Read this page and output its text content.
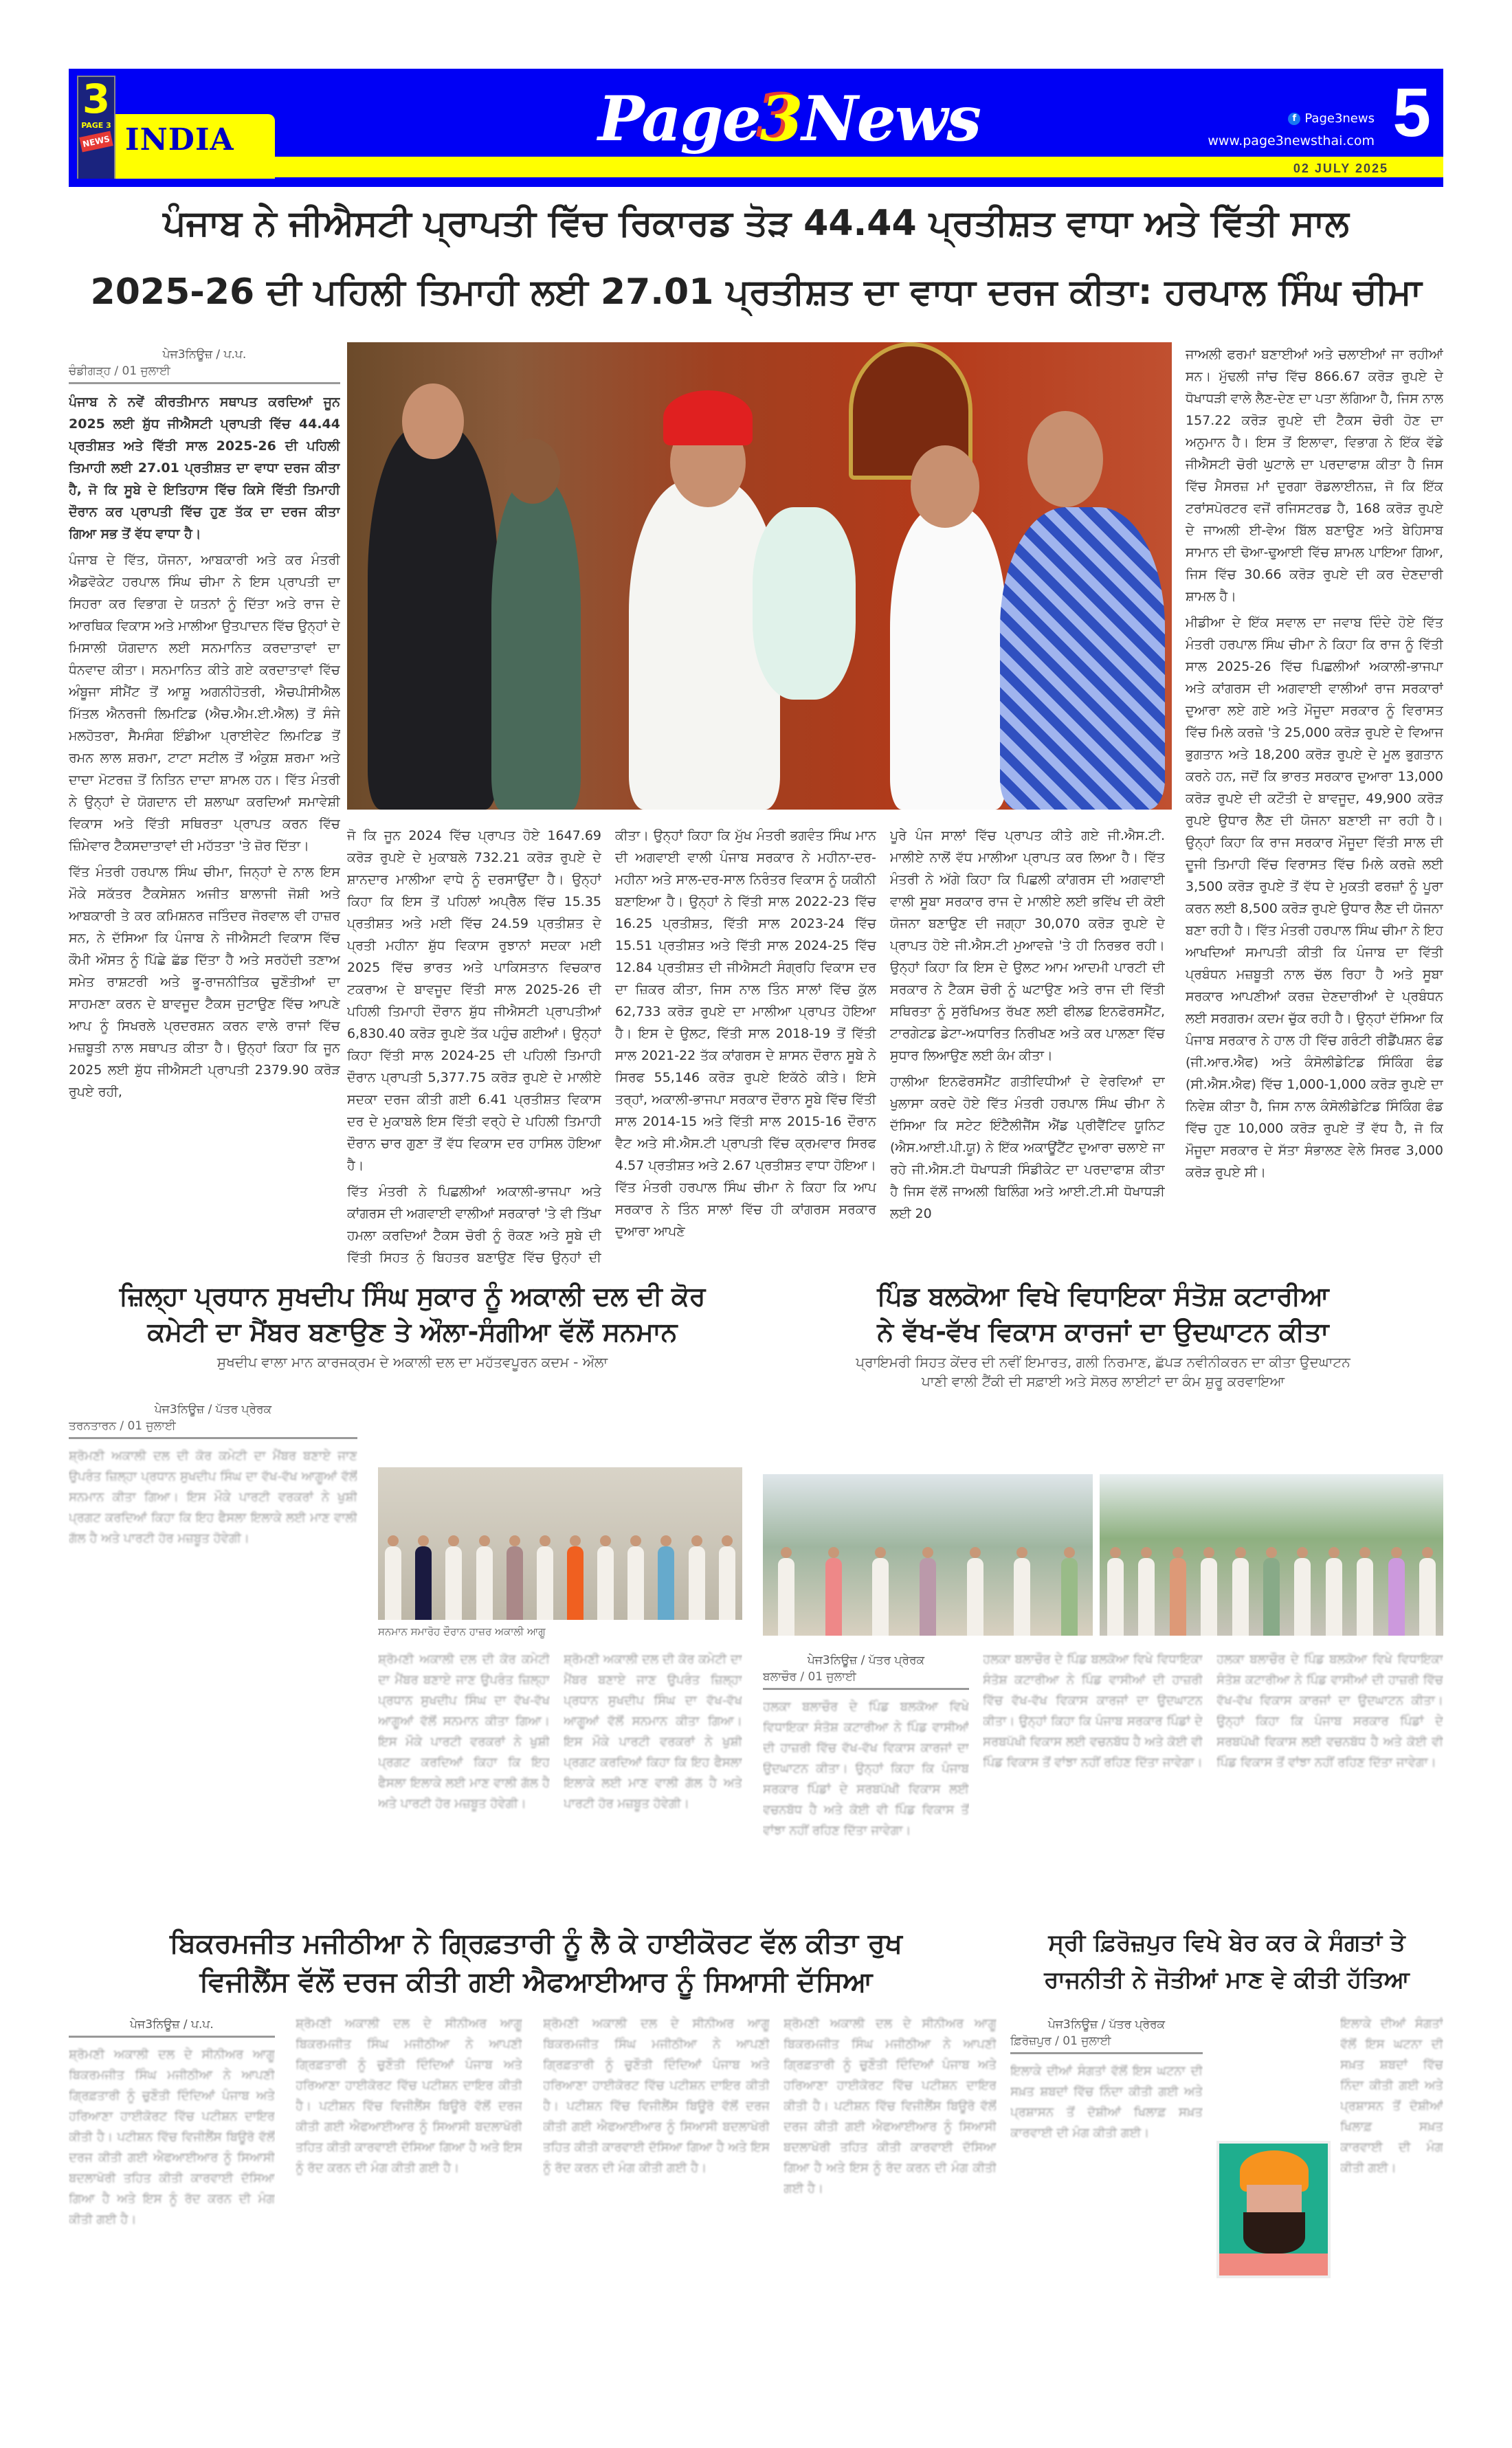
3
PAGE 3
NEWS INDIA	Page3News	f Page3news
www.page3newsthai.com 5
02 JULY 2025
ਪੰਜਾਬ ਨੇ ਜੀਐਸਟੀ ਪ੍ਰਾਪਤੀ ਵਿੱਚ ਰਿਕਾਰਡ ਤੋੜ 44.44 ਪ੍ਰਤੀਸ਼ਤ ਵਾਧਾ ਅਤੇ ਵਿੱਤੀ ਸਾਲ
2025-26 ਦੀ ਪਹਿਲੀ ਤਿਮਾਹੀ ਲਈ 27.01 ਪ੍ਰਤੀਸ਼ਤ ਦਾ ਵਾਧਾ ਦਰਜ ਕੀਤਾ: ਹਰਪਾਲ ਸਿੰਘ ਚੀਮਾ
ਪੇਜ3ਨਿਊਜ਼ / ਪ.ਪ.
ਚੰਡੀਗੜ੍ਹ / 01 ਜੁਲਾਈ

ਪੰਜਾਬ ਨੇ ਨਵੇਂ ਕੀਰਤੀਮਾਨ ਸਥਾਪਤ ਕਰਦਿਆਂ ਜੂਨ 2025 ਲਈ ਸ਼ੁੱਧ ਜੀਐਸਟੀ ਪ੍ਰਾਪਤੀ ਵਿੱਚ 44.44 ਪ੍ਰਤੀਸ਼ਤ ਅਤੇ ਵਿੱਤੀ ਸਾਲ 2025-26 ਦੀ ਪਹਿਲੀ ਤਿਮਾਹੀ ਲਈ 27.01 ਪ੍ਰਤੀਸ਼ਤ ਦਾ ਵਾਧਾ ਦਰਜ ਕੀਤਾ ਹੈ, ਜੋ ਕਿ ਸੂਬੇ ਦੇ ਇਤਿਹਾਸ ਵਿੱਚ ਕਿਸੇ ਵਿੱਤੀ ਤਿਮਾਹੀ ਦੌਰਾਨ ਕਰ ਪ੍ਰਾਪਤੀ ਵਿੱਚ ਹੁਣ ਤੱਕ ਦਾ ਦਰਜ ਕੀਤਾ ਗਿਆ ਸਭ ਤੋਂ ਵੱਧ ਵਾਧਾ ਹੈ।

ਪੰਜਾਬ ਦੇ ਵਿੱਤ, ਯੋਜਨਾ, ਆਬਕਾਰੀ ਅਤੇ ਕਰ ਮੰਤਰੀ ਐਡਵੋਕੇਟ ਹਰਪਾਲ ਸਿੰਘ ਚੀਮਾ ਨੇ ਇਸ ਪ੍ਰਾਪਤੀ ਦਾ ਸਿਹਰਾ ਕਰ ਵਿਭਾਗ ਦੇ ਯਤਨਾਂ ਨੂੰ ਦਿੱਤਾ ਅਤੇ ਰਾਜ ਦੇ ਆਰਥਿਕ ਵਿਕਾਸ ਅਤੇ ਮਾਲੀਆ ਉਤਪਾਦਨ ਵਿੱਚ ਉਨ੍ਹਾਂ ਦੇ ਮਿਸਾਲੀ ਯੋਗਦਾਨ ਲਈ ਸਨਮਾਨਿਤ ਕਰਦਾਤਾਵਾਂ ਦਾ ਧੰਨਵਾਦ ਕੀਤਾ। ਸਨਮਾਨਿਤ ਕੀਤੇ ਗਏ ਕਰਦਾਤਾਵਾਂ ਵਿੱਚ ਅੰਬੂਜਾ ਸੀਮੈਂਟ ਤੋਂ ਆਸ਼ੂ ਅਗਨੀਹੋਤਰੀ, ਐਚਪੀਸੀਐਲ ਮਿੱਤਲ ਐਨਰਜੀ ਲਿਮਟਿਡ (ਐਚ.ਐਮ.ਈ.ਐਲ) ਤੋਂ ਸੰਜੇ ਮਲਹੋਤਰਾ, ਸੈਮਸੰਗ ਇੰਡੀਆ ਪ੍ਰਾਈਵੇਟ ਲਿਮਟਿਡ ਤੋਂ ਰਮਨ ਲਾਲ ਸ਼ਰਮਾ, ਟਾਟਾ ਸਟੀਲ ਤੋਂ ਅੰਕੁਸ਼ ਸ਼ਰਮਾ ਅਤੇ ਦਾਦਾ ਮੋਟਰਜ਼ ਤੋਂ ਨਿਤਿਨ ਦਾਦਾ ਸ਼ਾਮਲ ਹਨ। ਵਿੱਤ ਮੰਤਰੀ ਨੇ ਉਨ੍ਹਾਂ ਦੇ ਯੋਗਦਾਨ ਦੀ ਸ਼ਲਾਘਾ ਕਰਦਿਆਂ ਸਮਾਵੇਸ਼ੀ ਵਿਕਾਸ ਅਤੇ ਵਿੱਤੀ ਸਥਿਰਤਾ ਪ੍ਰਾਪਤ ਕਰਨ ਵਿੱਚ ਜ਼ਿੰਮੇਵਾਰ ਟੈਕਸਦਾਤਾਵਾਂ ਦੀ ਮਹੱਤਤਾ 'ਤੇ ਜ਼ੋਰ ਦਿੱਤਾ।

ਵਿੱਤ ਮੰਤਰੀ ਹਰਪਾਲ ਸਿੰਘ ਚੀਮਾ, ਜਿਨ੍ਹਾਂ ਦੇ ਨਾਲ ਇਸ ਮੌਕੇ ਸਕੱਤਰ ਟੈਕਸੇਸ਼ਨ ਅਜੀਤ ਬਾਲਾਜੀ ਜੋਸ਼ੀ ਅਤੇ ਆਬਕਾਰੀ ਤੇ ਕਰ ਕਮਿਸ਼ਨਰ ਜਤਿੰਦਰ ਜੋਰਵਾਲ ਵੀ ਹਾਜ਼ਰ ਸਨ, ਨੇ ਦੱਸਿਆ ਕਿ ਪੰਜਾਬ ਨੇ ਜੀਐਸਟੀ ਵਿਕਾਸ ਵਿੱਚ ਕੌਮੀ ਔਸਤ ਨੂੰ ਪਿੱਛੇ ਛੱਡ ਦਿੱਤਾ ਹੈ ਅਤੇ ਸਰਹੱਦੀ ਤਣਾਅ ਸਮੇਤ ਰਾਸ਼ਟਰੀ ਅਤੇ ਭੂ-ਰਾਜਨੀਤਿਕ ਚੁਣੌਤੀਆਂ ਦਾ ਸਾਹਮਣਾ ਕਰਨ ਦੇ ਬਾਵਜੂਦ ਟੈਕਸ ਜੁਟਾਉਣ ਵਿੱਚ ਆਪਣੇ ਆਪ ਨੂੰ ਸਿਖਰਲੇ ਪ੍ਰਦਰਸ਼ਨ ਕਰਨ ਵਾਲੇ ਰਾਜਾਂ ਵਿੱਚ ਮਜ਼ਬੂਤੀ ਨਾਲ ਸਥਾਪਤ ਕੀਤਾ ਹੈ। ਉਨ੍ਹਾਂ ਕਿਹਾ ਕਿ ਜੂਨ 2025 ਲਈ ਸ਼ੁੱਧ ਜੀਐਸਟੀ ਪ੍ਰਾਪਤੀ 2379.90 ਕਰੋੜ ਰੁਪਏ ਰਹੀ,

ਜੋ ਕਿ ਜੂਨ 2024 ਵਿੱਚ ਪ੍ਰਾਪਤ ਹੋਏ 1647.69 ਕਰੋੜ ਰੁਪਏ ਦੇ ਮੁਕਾਬਲੇ 732.21 ਕਰੋੜ ਰੁਪਏ ਦੇ ਸ਼ਾਨਦਾਰ ਮਾਲੀਆ ਵਾਧੇ ਨੂੰ ਦਰਸਾਉਂਦਾ ਹੈ। ਉਨ੍ਹਾਂ ਕਿਹਾ ਕਿ ਇਸ ਤੋਂ ਪਹਿਲਾਂ ਅਪ੍ਰੈਲ ਵਿੱਚ 15.35 ਪ੍ਰਤੀਸ਼ਤ ਅਤੇ ਮਈ ਵਿੱਚ 24.59 ਪ੍ਰਤੀਸ਼ਤ ਦੇ ਪ੍ਰਤੀ ਮਹੀਨਾ ਸ਼ੁੱਧ ਵਿਕਾਸ ਰੁਝਾਨਾਂ ਸਦਕਾ ਮਈ 2025 ਵਿੱਚ ਭਾਰਤ ਅਤੇ ਪਾਕਿਸਤਾਨ ਵਿਚਕਾਰ ਟਕਰਾਅ ਦੇ ਬਾਵਜੂਦ ਵਿੱਤੀ ਸਾਲ 2025-26 ਦੀ ਪਹਿਲੀ ਤਿਮਾਹੀ ਦੌਰਾਨ ਸ਼ੁੱਧ ਜੀਐਸਟੀ ਪ੍ਰਾਪਤੀਆਂ 6,830.40 ਕਰੋੜ ਰੁਪਏ ਤੱਕ ਪਹੁੰਚ ਗਈਆਂ। ਉਨ੍ਹਾਂ ਕਿਹਾ ਵਿੱਤੀ ਸਾਲ 2024-25 ਦੀ ਪਹਿਲੀ ਤਿਮਾਹੀ ਦੌਰਾਨ ਪ੍ਰਾਪਤੀ 5,377.75 ਕਰੋੜ ਰੁਪਏ ਦੇ ਮਾਲੀਏ ਸਦਕਾ ਦਰਜ ਕੀਤੀ ਗਈ 6.41 ਪ੍ਰਤੀਸ਼ਤ ਵਿਕਾਸ ਦਰ ਦੇ ਮੁਕਾਬਲੇ ਇਸ ਵਿੱਤੀ ਵਰ੍ਹੇ ਦੇ ਪਹਿਲੀ ਤਿਮਾਹੀ ਦੌਰਾਨ ਚਾਰ ਗੁਣਾ ਤੋਂ ਵੱਧ ਵਿਕਾਸ ਦਰ ਹਾਸਿਲ ਹੋਇਆ ਹੈ।

ਵਿੱਤ ਮੰਤਰੀ ਨੇ ਪਿਛਲੀਆਂ ਅਕਾਲੀ-ਭਾਜਪਾ ਅਤੇ ਕਾਂਗਰਸ ਦੀ ਅਗਵਾਈ ਵਾਲੀਆਂ ਸਰਕਾਰਾਂ 'ਤੇ ਵੀ ਤਿੱਖਾ ਹਮਲਾ ਕਰਦਿਆਂ ਟੈਕਸ ਚੋਰੀ ਨੂੰ ਰੋਕਣ ਅਤੇ ਸੂਬੇ ਦੀ ਵਿੱਤੀ ਸਿਹਤ ਨੂੰ ਬਿਹਤਰ ਬਣਾਉਣ ਵਿੱਚ ਉਨ੍ਹਾਂ ਦੀ

ਕੀਤਾ। ਉਨ੍ਹਾਂ ਕਿਹਾ ਕਿ ਮੁੱਖ ਮੰਤਰੀ ਭਗਵੰਤ ਸਿੰਘ ਮਾਨ ਦੀ ਅਗਵਾਈ ਵਾਲੀ ਪੰਜਾਬ ਸਰਕਾਰ ਨੇ ਮਹੀਨਾ-ਦਰ-ਮਹੀਨਾ ਅਤੇ ਸਾਲ-ਦਰ-ਸਾਲ ਨਿਰੰਤਰ ਵਿਕਾਸ ਨੂੰ ਯਕੀਨੀ ਬਣਾਇਆ ਹੈ। ਉਨ੍ਹਾਂ ਨੇ ਵਿੱਤੀ ਸਾਲ 2022-23 ਵਿੱਚ 16.25 ਪ੍ਰਤੀਸ਼ਤ, ਵਿੱਤੀ ਸਾਲ 2023-24 ਵਿੱਚ 15.51 ਪ੍ਰਤੀਸ਼ਤ ਅਤੇ ਵਿੱਤੀ ਸਾਲ 2024-25 ਵਿੱਚ 12.84 ਪ੍ਰਤੀਸ਼ਤ ਦੀ ਜੀਐਸਟੀ ਸੰਗ੍ਰਹਿ ਵਿਕਾਸ ਦਰ ਦਾ ਜ਼ਿਕਰ ਕੀਤਾ, ਜਿਸ ਨਾਲ ਤਿੰਨ ਸਾਲਾਂ ਵਿੱਚ ਕੁੱਲ 62,733 ਕਰੋੜ ਰੁਪਏ ਦਾ ਮਾਲੀਆ ਪ੍ਰਾਪਤ ਹੋਇਆ ਹੈ। ਇਸ ਦੇ ਉਲਟ, ਵਿੱਤੀ ਸਾਲ 2018-19 ਤੋਂ ਵਿੱਤੀ ਸਾਲ 2021-22 ਤੱਕ ਕਾਂਗਰਸ ਦੇ ਸ਼ਾਸਨ ਦੌਰਾਨ ਸੂਬੇ ਨੇ ਸਿਰਫ 55,146 ਕਰੋੜ ਰੁਪਏ ਇਕੱਠੇ ਕੀਤੇ। ਇਸੇ ਤਰ੍ਹਾਂ, ਅਕਾਲੀ-ਭਾਜਪਾ ਸਰਕਾਰ ਦੌਰਾਨ ਸੂਬੇ ਵਿੱਚ ਵਿੱਤੀ ਸਾਲ 2014-15 ਅਤੇ ਵਿੱਤੀ ਸਾਲ 2015-16 ਦੌਰਾਨ ਵੈਟ ਅਤੇ ਸੀ.ਐਸ.ਟੀ ਪ੍ਰਾਪਤੀ ਵਿੱਚ ਕ੍ਰਮਵਾਰ ਸਿਰਫ 4.57 ਪ੍ਰਤੀਸ਼ਤ ਅਤੇ 2.67 ਪ੍ਰਤੀਸ਼ਤ ਵਾਧਾ ਹੋਇਆ। ਵਿੱਤ ਮੰਤਰੀ ਹਰਪਾਲ ਸਿੰਘ ਚੀਮਾ ਨੇ ਕਿਹਾ ਕਿ ਆਪ ਸਰਕਾਰ ਨੇ ਤਿੰਨ ਸਾਲਾਂ ਵਿੱਚ ਹੀ ਕਾਂਗਰਸ ਸਰਕਾਰ ਦੁਆਰਾ ਆਪਣੇ

ਪੂਰੇ ਪੰਜ ਸਾਲਾਂ ਵਿੱਚ ਪ੍ਰਾਪਤ ਕੀਤੇ ਗਏ ਜੀ.ਐਸ.ਟੀ. ਮਾਲੀਏ ਨਾਲੋਂ ਵੱਧ ਮਾਲੀਆ ਪ੍ਰਾਪਤ ਕਰ ਲਿਆ ਹੈ। ਵਿੱਤ ਮੰਤਰੀ ਨੇ ਅੱਗੇ ਕਿਹਾ ਕਿ ਪਿਛਲੀ ਕਾਂਗਰਸ ਦੀ ਅਗਵਾਈ ਵਾਲੀ ਸੂਬਾ ਸਰਕਾਰ ਰਾਜ ਦੇ ਮਾਲੀਏ ਲਈ ਭਵਿੱਖ ਦੀ ਕੋਈ ਯੋਜਨਾ ਬਣਾਉਣ ਦੀ ਜਗ੍ਹਾ 30,070 ਕਰੋੜ ਰੁਪਏ ਦੇ ਪ੍ਰਾਪਤ ਹੋਏ ਜੀ.ਐਸ.ਟੀ ਮੁਆਵਜ਼ੇ 'ਤੇ ਹੀ ਨਿਰਭਰ ਰਹੀ। ਉਨ੍ਹਾਂ ਕਿਹਾ ਕਿ ਇਸ ਦੇ ਉਲਟ ਆਮ ਆਦਮੀ ਪਾਰਟੀ ਦੀ ਸਰਕਾਰ ਨੇ ਟੈਕਸ ਚੋਰੀ ਨੂੰ ਘਟਾਉਣ ਅਤੇ ਰਾਜ ਦੀ ਵਿੱਤੀ ਸਥਿਰਤਾ ਨੂੰ ਸੁਰੱਖਿਅਤ ਰੱਖਣ ਲਈ ਫੀਲਡ ਇਨਫੋਰਸਮੈਂਟ, ਟਾਰਗੇਟਡ ਡੇਟਾ-ਅਧਾਰਿਤ ਨਿਰੀਖਣ ਅਤੇ ਕਰ ਪਾਲਣਾ ਵਿੱਚ ਸੁਧਾਰ ਲਿਆਉਣ ਲਈ ਕੰਮ ਕੀਤਾ।

ਹਾਲੀਆ ਇਨਫੋਰਸਮੈਂਟ ਗਤੀਵਿਧੀਆਂ ਦੇ ਵੇਰਵਿਆਂ ਦਾ ਖੁਲਾਸਾ ਕਰਦੇ ਹੋਏ ਵਿੱਤ ਮੰਤਰੀ ਹਰਪਾਲ ਸਿੰਘ ਚੀਮਾ ਨੇ ਦੱਸਿਆ ਕਿ ਸਟੇਟ ਇੰਟੈਲੀਜੈਂਸ ਐਂਡ ਪ੍ਰੀਵੈਂਟਿਵ ਯੂਨਿਟ (ਐਸ.ਆਈ.ਪੀ.ਯੂ) ਨੇ ਇੱਕ ਅਕਾਊਂਟੈਂਟ ਦੁਆਰਾ ਚਲਾਏ ਜਾ ਰਹੇ ਜੀ.ਐਸ.ਟੀ ਧੋਖਾਧੜੀ ਸਿੰਡੀਕੇਟ ਦਾ ਪਰਦਾਫਾਸ਼ ਕੀਤਾ ਹੈ ਜਿਸ ਵੱਲੋਂ ਜਾਅਲੀ ਬਿਲਿੰਗ ਅਤੇ ਆਈ.ਟੀ.ਸੀ ਧੋਖਾਧੜੀ ਲਈ 20

ਜਾਅਲੀ ਫਰਮਾਂ ਬਣਾਈਆਂ ਅਤੇ ਚਲਾਈਆਂ ਜਾ ਰਹੀਆਂ ਸਨ। ਮੁੱਢਲੀ ਜਾਂਚ ਵਿੱਚ 866.67 ਕਰੋੜ ਰੁਪਏ ਦੇ ਧੋਖਾਧੜੀ ਵਾਲੇ ਲੈਣ-ਦੇਣ ਦਾ ਪਤਾ ਲੱਗਿਆ ਹੈ, ਜਿਸ ਨਾਲ 157.22 ਕਰੋੜ ਰੁਪਏ ਦੀ ਟੈਕਸ ਚੋਰੀ ਹੋਣ ਦਾ ਅਨੁਮਾਨ ਹੈ। ਇਸ ਤੋਂ ਇਲਾਵਾ, ਵਿਭਾਗ ਨੇ ਇੱਕ ਵੱਡੇ ਜੀਐਸਟੀ ਚੋਰੀ ਘੁਟਾਲੇ ਦਾ ਪਰਦਾਫਾਸ਼ ਕੀਤਾ ਹੈ ਜਿਸ ਵਿੱਚ ਮੈਸਰਜ਼ ਮਾਂ ਦੁਰਗਾ ਰੋਡਲਾਈਨਜ਼, ਜੋ ਕਿ ਇੱਕ ਟਰਾਂਸਪੋਰਟਰ ਵਜੋਂ ਰਜਿਸਟਰਡ ਹੈ, 168 ਕਰੋੜ ਰੁਪਏ ਦੇ ਜਾਅਲੀ ਈ-ਵੇਅ ਬਿੱਲ ਬਣਾਉਣ ਅਤੇ ਬੇਹਿਸਾਬ ਸਾਮਾਨ ਦੀ ਢੋਆ-ਢੁਆਈ ਵਿੱਚ ਸ਼ਾਮਲ ਪਾਇਆ ਗਿਆ, ਜਿਸ ਵਿੱਚ 30.66 ਕਰੋੜ ਰੁਪਏ ਦੀ ਕਰ ਦੇਣਦਾਰੀ ਸ਼ਾਮਲ ਹੈ।

ਮੀਡੀਆ ਦੇ ਇੱਕ ਸਵਾਲ ਦਾ ਜਵਾਬ ਦਿੰਦੇ ਹੋਏ ਵਿੱਤ ਮੰਤਰੀ ਹਰਪਾਲ ਸਿੰਘ ਚੀਮਾ ਨੇ ਕਿਹਾ ਕਿ ਰਾਜ ਨੂੰ ਵਿੱਤੀ ਸਾਲ 2025-26 ਵਿੱਚ ਪਿਛਲੀਆਂ ਅਕਾਲੀ-ਭਾਜਪਾ ਅਤੇ ਕਾਂਗਰਸ ਦੀ ਅਗਵਾਈ ਵਾਲੀਆਂ ਰਾਜ ਸਰਕਾਰਾਂ ਦੁਆਰਾ ਲਏ ਗਏ ਅਤੇ ਮੌਜੂਦਾ ਸਰਕਾਰ ਨੂੰ ਵਿਰਾਸਤ ਵਿੱਚ ਮਿਲੇ ਕਰਜ਼ੇ 'ਤੇ 25,000 ਕਰੋੜ ਰੁਪਏ ਦੇ ਵਿਆਜ ਭੁਗਤਾਨ ਅਤੇ 18,200 ਕਰੋੜ ਰੁਪਏ ਦੇ ਮੂਲ ਭੁਗਤਾਨ ਕਰਨੇ ਹਨ, ਜਦੋਂ ਕਿ ਭਾਰਤ ਸਰਕਾਰ ਦੁਆਰਾ 13,000 ਕਰੋੜ ਰੁਪਏ ਦੀ ਕਟੌਤੀ ਦੇ ਬਾਵਜੂਦ, 49,900 ਕਰੋੜ ਰੁਪਏ ਉਧਾਰ ਲੈਣ ਦੀ ਯੋਜਨਾ ਬਣਾਈ ਜਾ ਰਹੀ ਹੈ। ਉਨ੍ਹਾਂ ਕਿਹਾ ਕਿ ਰਾਜ ਸਰਕਾਰ ਮੌਜੂਦਾ ਵਿੱਤੀ ਸਾਲ ਦੀ ਦੂਜੀ ਤਿਮਾਹੀ ਵਿੱਚ ਵਿਰਾਸਤ ਵਿੱਚ ਮਿਲੇ ਕਰਜ਼ੇ ਲਈ 3,500 ਕਰੋੜ ਰੁਪਏ ਤੋਂ ਵੱਧ ਦੇ ਮੁਕਤੀ ਫਰਜ਼ਾਂ ਨੂੰ ਪੂਰਾ ਕਰਨ ਲਈ 8,500 ਕਰੋੜ ਰੁਪਏ ਉਧਾਰ ਲੈਣ ਦੀ ਯੋਜਨਾ ਬਣਾ ਰਹੀ ਹੈ। ਵਿੱਤ ਮੰਤਰੀ ਹਰਪਾਲ ਸਿੰਘ ਚੀਮਾ ਨੇ ਇਹ ਆਖਦਿਆਂ ਸਮਾਪਤੀ ਕੀਤੀ ਕਿ ਪੰਜਾਬ ਦਾ ਵਿੱਤੀ ਪ੍ਰਬੰਧਨ ਮਜ਼ਬੂਤੀ ਨਾਲ ਚੱਲ ਰਿਹਾ ਹੈ ਅਤੇ ਸੂਬਾ ਸਰਕਾਰ ਆਪਣੀਆਂ ਕਰਜ਼ ਦੇਣਦਾਰੀਆਂ ਦੇ ਪ੍ਰਬੰਧਨ ਲਈ ਸਰਗਰਮ ਕਦਮ ਚੁੱਕ ਰਹੀ ਹੈ। ਉਨ੍ਹਾਂ ਦੱਸਿਆ ਕਿ ਪੰਜਾਬ ਸਰਕਾਰ ਨੇ ਹਾਲ ਹੀ ਵਿੱਚ ਗਰੰਟੀ ਰੀਡੈਂਪਸ਼ਨ ਫੰਡ (ਜੀ.ਆਰ.ਐਫ) ਅਤੇ ਕੰਸੋਲੀਡੇਟਿਡ ਸਿੰਕਿੰਗ ਫੰਡ (ਸੀ.ਐਸ.ਐਫ) ਵਿੱਚ 1,000-1,000 ਕਰੋੜ ਰੁਪਏ ਦਾ ਨਿਵੇਸ਼ ਕੀਤਾ ਹੈ, ਜਿਸ ਨਾਲ ਕੰਸੋਲੀਡੇਟਿਡ ਸਿੰਕਿੰਗ ਫੰਡ ਵਿੱਚ ਹੁਣ 10,000 ਕਰੋੜ ਰੁਪਏ ਤੋਂ ਵੱਧ ਹੈ, ਜੋ ਕਿ ਮੌਜੂਦਾ ਸਰਕਾਰ ਦੇ ਸੱਤਾ ਸੰਭਾਲਣ ਵੇਲੇ ਸਿਰਫ 3,000 ਕਰੋੜ ਰੁਪਏ ਸੀ।

ਜ਼ਿਲ੍ਹਾ ਪ੍ਰਧਾਨ ਸੁਖਦੀਪ ਸਿੰਘ ਸੁਕਾਰ ਨੂੰ ਅਕਾਲੀ ਦਲ ਦੀ ਕੋਰ
ਕਮੇਟੀ ਦਾ ਮੈਂਬਰ ਬਣਾਉਣ ਤੇ ਔਲਾ-ਸੰਗੀਆ ਵੱਲੋਂ ਸਨਮਾਨ
ਸੁਖਦੀਪ ਵਾਲਾ ਮਾਨ ਕਾਰਜਕ੍ਰਮ ਦੇ ਅਕਾਲੀ ਦਲ ਦਾ ਮਹੱਤਵਪੂਰਨ ਕਦਮ - ਔਲਾ
ਪੇਜ3ਨਿਊਜ਼ / ਪੱਤਰ ਪ੍ਰੇਰਕ
ਤਰਨਤਾਰਨ / 01 ਜੁਲਾਈ

ਸ਼੍ਰੋਮਣੀ ਅਕਾਲੀ ਦਲ ਦੀ ਕੋਰ ਕਮੇਟੀ ਦਾ ਮੈਂਬਰ ਬਣਾਏ ਜਾਣ ਉਪਰੰਤ ਜ਼ਿਲ੍ਹਾ ਪ੍ਰਧਾਨ ਸੁਖਦੀਪ ਸਿੰਘ ਦਾ ਵੱਖ-ਵੱਖ ਆਗੂਆਂ ਵੱਲੋਂ ਸਨਮਾਨ ਕੀਤਾ ਗਿਆ। ਇਸ ਮੌਕੇ ਪਾਰਟੀ ਵਰਕਰਾਂ ਨੇ ਖੁਸ਼ੀ ਪ੍ਰਗਟ ਕਰਦਿਆਂ ਕਿਹਾ ਕਿ ਇਹ ਫੈਸਲਾ ਇਲਾਕੇ ਲਈ ਮਾਣ ਵਾਲੀ ਗੱਲ ਹੈ ਅਤੇ ਪਾਰਟੀ ਹੋਰ ਮਜ਼ਬੂਤ ਹੋਵੇਗੀ।

ਸਨਮਾਨ ਸਮਾਰੋਹ ਦੌਰਾਨ ਹਾਜ਼ਰ ਅਕਾਲੀ ਆਗੂ

ਸ਼੍ਰੋਮਣੀ ਅਕਾਲੀ ਦਲ ਦੀ ਕੋਰ ਕਮੇਟੀ ਦਾ ਮੈਂਬਰ ਬਣਾਏ ਜਾਣ ਉਪਰੰਤ ਜ਼ਿਲ੍ਹਾ ਪ੍ਰਧਾਨ ਸੁਖਦੀਪ ਸਿੰਘ ਦਾ ਵੱਖ-ਵੱਖ ਆਗੂਆਂ ਵੱਲੋਂ ਸਨਮਾਨ ਕੀਤਾ ਗਿਆ। ਇਸ ਮੌਕੇ ਪਾਰਟੀ ਵਰਕਰਾਂ ਨੇ ਖੁਸ਼ੀ ਪ੍ਰਗਟ ਕਰਦਿਆਂ ਕਿਹਾ ਕਿ ਇਹ ਫੈਸਲਾ ਇਲਾਕੇ ਲਈ ਮਾਣ ਵਾਲੀ ਗੱਲ ਹੈ ਅਤੇ ਪਾਰਟੀ ਹੋਰ ਮਜ਼ਬੂਤ ਹੋਵੇਗੀ।

ਸ਼੍ਰੋਮਣੀ ਅਕਾਲੀ ਦਲ ਦੀ ਕੋਰ ਕਮੇਟੀ ਦਾ ਮੈਂਬਰ ਬਣਾਏ ਜਾਣ ਉਪਰੰਤ ਜ਼ਿਲ੍ਹਾ ਪ੍ਰਧਾਨ ਸੁਖਦੀਪ ਸਿੰਘ ਦਾ ਵੱਖ-ਵੱਖ ਆਗੂਆਂ ਵੱਲੋਂ ਸਨਮਾਨ ਕੀਤਾ ਗਿਆ। ਇਸ ਮੌਕੇ ਪਾਰਟੀ ਵਰਕਰਾਂ ਨੇ ਖੁਸ਼ੀ ਪ੍ਰਗਟ ਕਰਦਿਆਂ ਕਿਹਾ ਕਿ ਇਹ ਫੈਸਲਾ ਇਲਾਕੇ ਲਈ ਮਾਣ ਵਾਲੀ ਗੱਲ ਹੈ ਅਤੇ ਪਾਰਟੀ ਹੋਰ ਮਜ਼ਬੂਤ ਹੋਵੇਗੀ।

ਪਿੰਡ ਬਲਕੋਆ ਵਿਖੇ ਵਿਧਾਇਕਾ ਸੰਤੋਸ਼ ਕਟਾਰੀਆ
ਨੇ ਵੱਖ-ਵੱਖ ਵਿਕਾਸ ਕਾਰਜਾਂ ਦਾ ਉਦਘਾਟਨ ਕੀਤਾ
ਪ੍ਰਾਇਮਰੀ ਸਿਹਤ ਕੇਂਦਰ ਦੀ ਨਵੀਂ ਇਮਾਰਤ, ਗਲੀ ਨਿਰਮਾਣ, ਛੱਪੜ ਨਵੀਨੀਕਰਨ ਦਾ ਕੀਤਾ ਉਦਘਾਟਨ
ਪਾਣੀ ਵਾਲੀ ਟੈਂਕੀ ਦੀ ਸਫ਼ਾਈ ਅਤੇ ਸੋਲਰ ਲਾਈਟਾਂ ਦਾ ਕੰਮ ਸ਼ੁਰੂ ਕਰਵਾਇਆ
ਪੇਜ3ਨਿਊਜ਼ / ਪੱਤਰ ਪ੍ਰੇਰਕ
ਬਲਾਚੌਰ / 01 ਜੁਲਾਈ

ਹਲਕਾ ਬਲਾਚੌਰ ਦੇ ਪਿੰਡ ਬਲਕੋਆ ਵਿਖੇ ਵਿਧਾਇਕਾ ਸੰਤੋਸ਼ ਕਟਾਰੀਆ ਨੇ ਪਿੰਡ ਵਾਸੀਆਂ ਦੀ ਹਾਜ਼ਰੀ ਵਿੱਚ ਵੱਖ-ਵੱਖ ਵਿਕਾਸ ਕਾਰਜਾਂ ਦਾ ਉਦਘਾਟਨ ਕੀਤਾ। ਉਨ੍ਹਾਂ ਕਿਹਾ ਕਿ ਪੰਜਾਬ ਸਰਕਾਰ ਪਿੰਡਾਂ ਦੇ ਸਰਬਪੱਖੀ ਵਿਕਾਸ ਲਈ ਵਚਨਬੱਧ ਹੈ ਅਤੇ ਕੋਈ ਵੀ ਪਿੰਡ ਵਿਕਾਸ ਤੋਂ ਵਾਂਝਾ ਨਹੀਂ ਰਹਿਣ ਦਿੱਤਾ ਜਾਵੇਗਾ।

ਹਲਕਾ ਬਲਾਚੌਰ ਦੇ ਪਿੰਡ ਬਲਕੋਆ ਵਿਖੇ ਵਿਧਾਇਕਾ ਸੰਤੋਸ਼ ਕਟਾਰੀਆ ਨੇ ਪਿੰਡ ਵਾਸੀਆਂ ਦੀ ਹਾਜ਼ਰੀ ਵਿੱਚ ਵੱਖ-ਵੱਖ ਵਿਕਾਸ ਕਾਰਜਾਂ ਦਾ ਉਦਘਾਟਨ ਕੀਤਾ। ਉਨ੍ਹਾਂ ਕਿਹਾ ਕਿ ਪੰਜਾਬ ਸਰਕਾਰ ਪਿੰਡਾਂ ਦੇ ਸਰਬਪੱਖੀ ਵਿਕਾਸ ਲਈ ਵਚਨਬੱਧ ਹੈ ਅਤੇ ਕੋਈ ਵੀ ਪਿੰਡ ਵਿਕਾਸ ਤੋਂ ਵਾਂਝਾ ਨਹੀਂ ਰਹਿਣ ਦਿੱਤਾ ਜਾਵੇਗਾ।

ਹਲਕਾ ਬਲਾਚੌਰ ਦੇ ਪਿੰਡ ਬਲਕੋਆ ਵਿਖੇ ਵਿਧਾਇਕਾ ਸੰਤੋਸ਼ ਕਟਾਰੀਆ ਨੇ ਪਿੰਡ ਵਾਸੀਆਂ ਦੀ ਹਾਜ਼ਰੀ ਵਿੱਚ ਵੱਖ-ਵੱਖ ਵਿਕਾਸ ਕਾਰਜਾਂ ਦਾ ਉਦਘਾਟਨ ਕੀਤਾ। ਉਨ੍ਹਾਂ ਕਿਹਾ ਕਿ ਪੰਜਾਬ ਸਰਕਾਰ ਪਿੰਡਾਂ ਦੇ ਸਰਬਪੱਖੀ ਵਿਕਾਸ ਲਈ ਵਚਨਬੱਧ ਹੈ ਅਤੇ ਕੋਈ ਵੀ ਪਿੰਡ ਵਿਕਾਸ ਤੋਂ ਵਾਂਝਾ ਨਹੀਂ ਰਹਿਣ ਦਿੱਤਾ ਜਾਵੇਗਾ।

ਬਿਕਰਮਜੀਤ ਮਜੀਠੀਆ ਨੇ ਗ੍ਰਿਫ਼ਤਾਰੀ ਨੂੰ ਲੈ ਕੇ ਹਾਈਕੋਰਟ ਵੱਲ ਕੀਤਾ ਰੁਖ
ਵਿਜੀਲੈਂਸ ਵੱਲੋਂ ਦਰਜ ਕੀਤੀ ਗਈ ਐਫਆਈਆਰ ਨੂੰ ਸਿਆਸੀ ਦੱਸਿਆ
ਪੇਜ3ਨਿਊਜ਼ / ਪ.ਪ.

ਸ਼੍ਰੋਮਣੀ ਅਕਾਲੀ ਦਲ ਦੇ ਸੀਨੀਅਰ ਆਗੂ ਬਿਕਰਮਜੀਤ ਸਿੰਘ ਮਜੀਠੀਆ ਨੇ ਆਪਣੀ ਗ੍ਰਿਫ਼ਤਾਰੀ ਨੂੰ ਚੁਣੌਤੀ ਦਿੰਦਿਆਂ ਪੰਜਾਬ ਅਤੇ ਹਰਿਆਣਾ ਹਾਈਕੋਰਟ ਵਿੱਚ ਪਟੀਸ਼ਨ ਦਾਇਰ ਕੀਤੀ ਹੈ। ਪਟੀਸ਼ਨ ਵਿੱਚ ਵਿਜੀਲੈਂਸ ਬਿਊਰੋ ਵੱਲੋਂ ਦਰਜ ਕੀਤੀ ਗਈ ਐਫਆਈਆਰ ਨੂੰ ਸਿਆਸੀ ਬਦਲਾਖੋਰੀ ਤਹਿਤ ਕੀਤੀ ਕਾਰਵਾਈ ਦੱਸਿਆ ਗਿਆ ਹੈ ਅਤੇ ਇਸ ਨੂੰ ਰੱਦ ਕਰਨ ਦੀ ਮੰਗ ਕੀਤੀ ਗਈ ਹੈ।

ਸ਼੍ਰੋਮਣੀ ਅਕਾਲੀ ਦਲ ਦੇ ਸੀਨੀਅਰ ਆਗੂ ਬਿਕਰਮਜੀਤ ਸਿੰਘ ਮਜੀਠੀਆ ਨੇ ਆਪਣੀ ਗ੍ਰਿਫ਼ਤਾਰੀ ਨੂੰ ਚੁਣੌਤੀ ਦਿੰਦਿਆਂ ਪੰਜਾਬ ਅਤੇ ਹਰਿਆਣਾ ਹਾਈਕੋਰਟ ਵਿੱਚ ਪਟੀਸ਼ਨ ਦਾਇਰ ਕੀਤੀ ਹੈ। ਪਟੀਸ਼ਨ ਵਿੱਚ ਵਿਜੀਲੈਂਸ ਬਿਊਰੋ ਵੱਲੋਂ ਦਰਜ ਕੀਤੀ ਗਈ ਐਫਆਈਆਰ ਨੂੰ ਸਿਆਸੀ ਬਦਲਾਖੋਰੀ ਤਹਿਤ ਕੀਤੀ ਕਾਰਵਾਈ ਦੱਸਿਆ ਗਿਆ ਹੈ ਅਤੇ ਇਸ ਨੂੰ ਰੱਦ ਕਰਨ ਦੀ ਮੰਗ ਕੀਤੀ ਗਈ ਹੈ।

ਸ਼੍ਰੋਮਣੀ ਅਕਾਲੀ ਦਲ ਦੇ ਸੀਨੀਅਰ ਆਗੂ ਬਿਕਰਮਜੀਤ ਸਿੰਘ ਮਜੀਠੀਆ ਨੇ ਆਪਣੀ ਗ੍ਰਿਫ਼ਤਾਰੀ ਨੂੰ ਚੁਣੌਤੀ ਦਿੰਦਿਆਂ ਪੰਜਾਬ ਅਤੇ ਹਰਿਆਣਾ ਹਾਈਕੋਰਟ ਵਿੱਚ ਪਟੀਸ਼ਨ ਦਾਇਰ ਕੀਤੀ ਹੈ। ਪਟੀਸ਼ਨ ਵਿੱਚ ਵਿਜੀਲੈਂਸ ਬਿਊਰੋ ਵੱਲੋਂ ਦਰਜ ਕੀਤੀ ਗਈ ਐਫਆਈਆਰ ਨੂੰ ਸਿਆਸੀ ਬਦਲਾਖੋਰੀ ਤਹਿਤ ਕੀਤੀ ਕਾਰਵਾਈ ਦੱਸਿਆ ਗਿਆ ਹੈ ਅਤੇ ਇਸ ਨੂੰ ਰੱਦ ਕਰਨ ਦੀ ਮੰਗ ਕੀਤੀ ਗਈ ਹੈ।

ਸ਼੍ਰੋਮਣੀ ਅਕਾਲੀ ਦਲ ਦੇ ਸੀਨੀਅਰ ਆਗੂ ਬਿਕਰਮਜੀਤ ਸਿੰਘ ਮਜੀਠੀਆ ਨੇ ਆਪਣੀ ਗ੍ਰਿਫ਼ਤਾਰੀ ਨੂੰ ਚੁਣੌਤੀ ਦਿੰਦਿਆਂ ਪੰਜਾਬ ਅਤੇ ਹਰਿਆਣਾ ਹਾਈਕੋਰਟ ਵਿੱਚ ਪਟੀਸ਼ਨ ਦਾਇਰ ਕੀਤੀ ਹੈ। ਪਟੀਸ਼ਨ ਵਿੱਚ ਵਿਜੀਲੈਂਸ ਬਿਊਰੋ ਵੱਲੋਂ ਦਰਜ ਕੀਤੀ ਗਈ ਐਫਆਈਆਰ ਨੂੰ ਸਿਆਸੀ ਬਦਲਾਖੋਰੀ ਤਹਿਤ ਕੀਤੀ ਕਾਰਵਾਈ ਦੱਸਿਆ ਗਿਆ ਹੈ ਅਤੇ ਇਸ ਨੂੰ ਰੱਦ ਕਰਨ ਦੀ ਮੰਗ ਕੀਤੀ ਗਈ ਹੈ।

ਸ੍ਰੀ ਫ਼ਿਰੋਜ਼ਪੁਰ ਵਿਖੇ ਬੇਰ ਕਰ ਕੇ ਸੰਗਤਾਂ ਤੇ
ਰਾਜਨੀਤੀ ਨੇ ਜੋਤੀਆਂ ਮਾਣ ਵੇ ਕੀਤੀ ਹੱਤਿਆ
ਪੇਜ3ਨਿਊਜ਼ / ਪੱਤਰ ਪ੍ਰੇਰਕ
ਫ਼ਿਰੋਜ਼ਪੁਰ / 01 ਜੁਲਾਈ

ਇਲਾਕੇ ਦੀਆਂ ਸੰਗਤਾਂ ਵੱਲੋਂ ਇਸ ਘਟਨਾ ਦੀ ਸਖ਼ਤ ਸ਼ਬਦਾਂ ਵਿੱਚ ਨਿੰਦਾ ਕੀਤੀ ਗਈ ਅਤੇ ਪ੍ਰਸ਼ਾਸਨ ਤੋਂ ਦੋਸ਼ੀਆਂ ਖਿਲਾਫ਼ ਸਖ਼ਤ ਕਾਰਵਾਈ ਦੀ ਮੰਗ ਕੀਤੀ ਗਈ।

ਇਲਾਕੇ ਦੀਆਂ ਸੰਗਤਾਂ ਵੱਲੋਂ ਇਸ ਘਟਨਾ ਦੀ ਸਖ਼ਤ ਸ਼ਬਦਾਂ ਵਿੱਚ ਨਿੰਦਾ ਕੀਤੀ ਗਈ ਅਤੇ ਪ੍ਰਸ਼ਾਸਨ ਤੋਂ ਦੋਸ਼ੀਆਂ ਖਿਲਾਫ਼ ਸਖ਼ਤ ਕਾਰਵਾਈ ਦੀ ਮੰਗ ਕੀਤੀ ਗਈ।
